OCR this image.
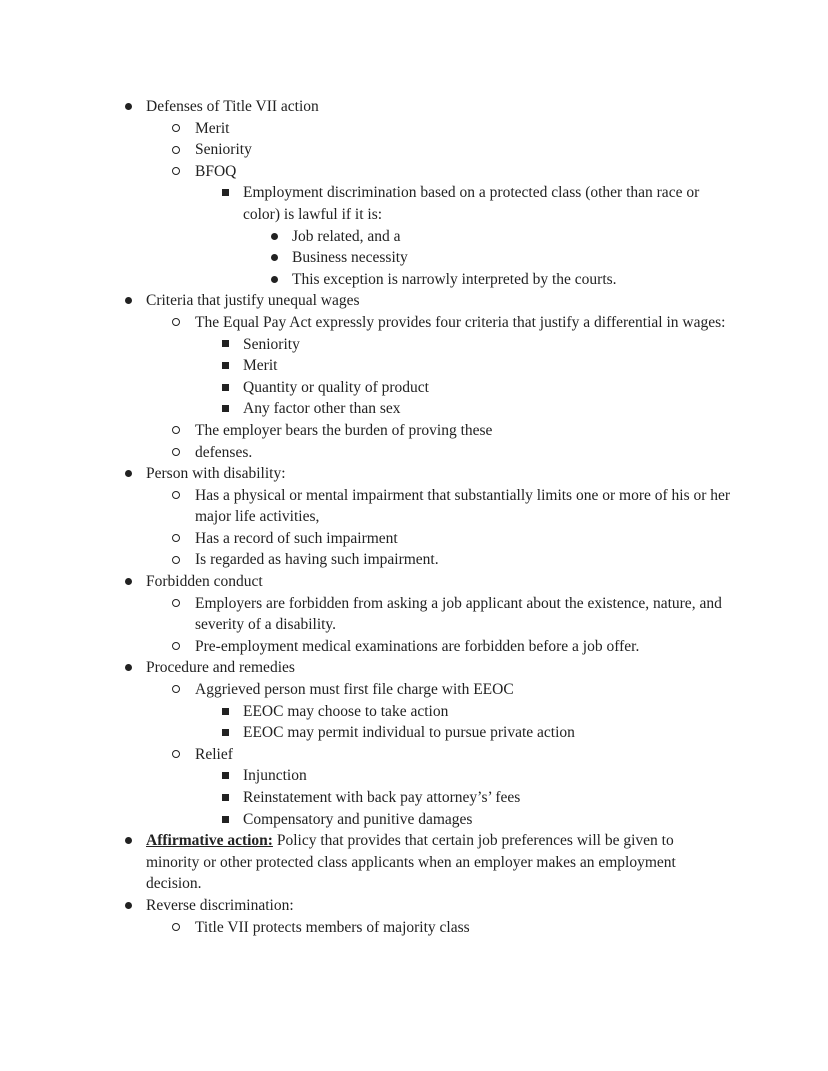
Defenses of Title VII action
Merit
Seniority
BFOQ
Employment discrimination based on a protected class (other than race or color) is lawful if it is:
Job related, and a
Business necessity
This exception is narrowly interpreted by the courts.
Criteria that justify unequal wages
The Equal Pay Act expressly provides four criteria that justify a differential in wages:
Seniority
Merit
Quantity or quality of product
Any factor other than sex
The employer bears the burden of proving these
defenses.
Person with disability:
Has a physical or mental impairment that substantially limits one or more of his or her major life activities,
Has a record of such impairment
Is regarded as having such impairment.
Forbidden conduct
Employers are forbidden from asking a job applicant about the existence, nature, and severity of a disability.
Pre-employment medical examinations are forbidden before a job offer.
Procedure and remedies
Aggrieved person must first file charge with EEOC
EEOC may choose to take action
EEOC may permit individual to pursue private action
Relief
Injunction
Reinstatement with back pay attorney’s’ fees
Compensatory and punitive damages
Affirmative action: Policy that provides that certain job preferences will be given to minority or other protected class applicants when an employer makes an employment decision.
Reverse discrimination:
Title VII protects members of majority class
